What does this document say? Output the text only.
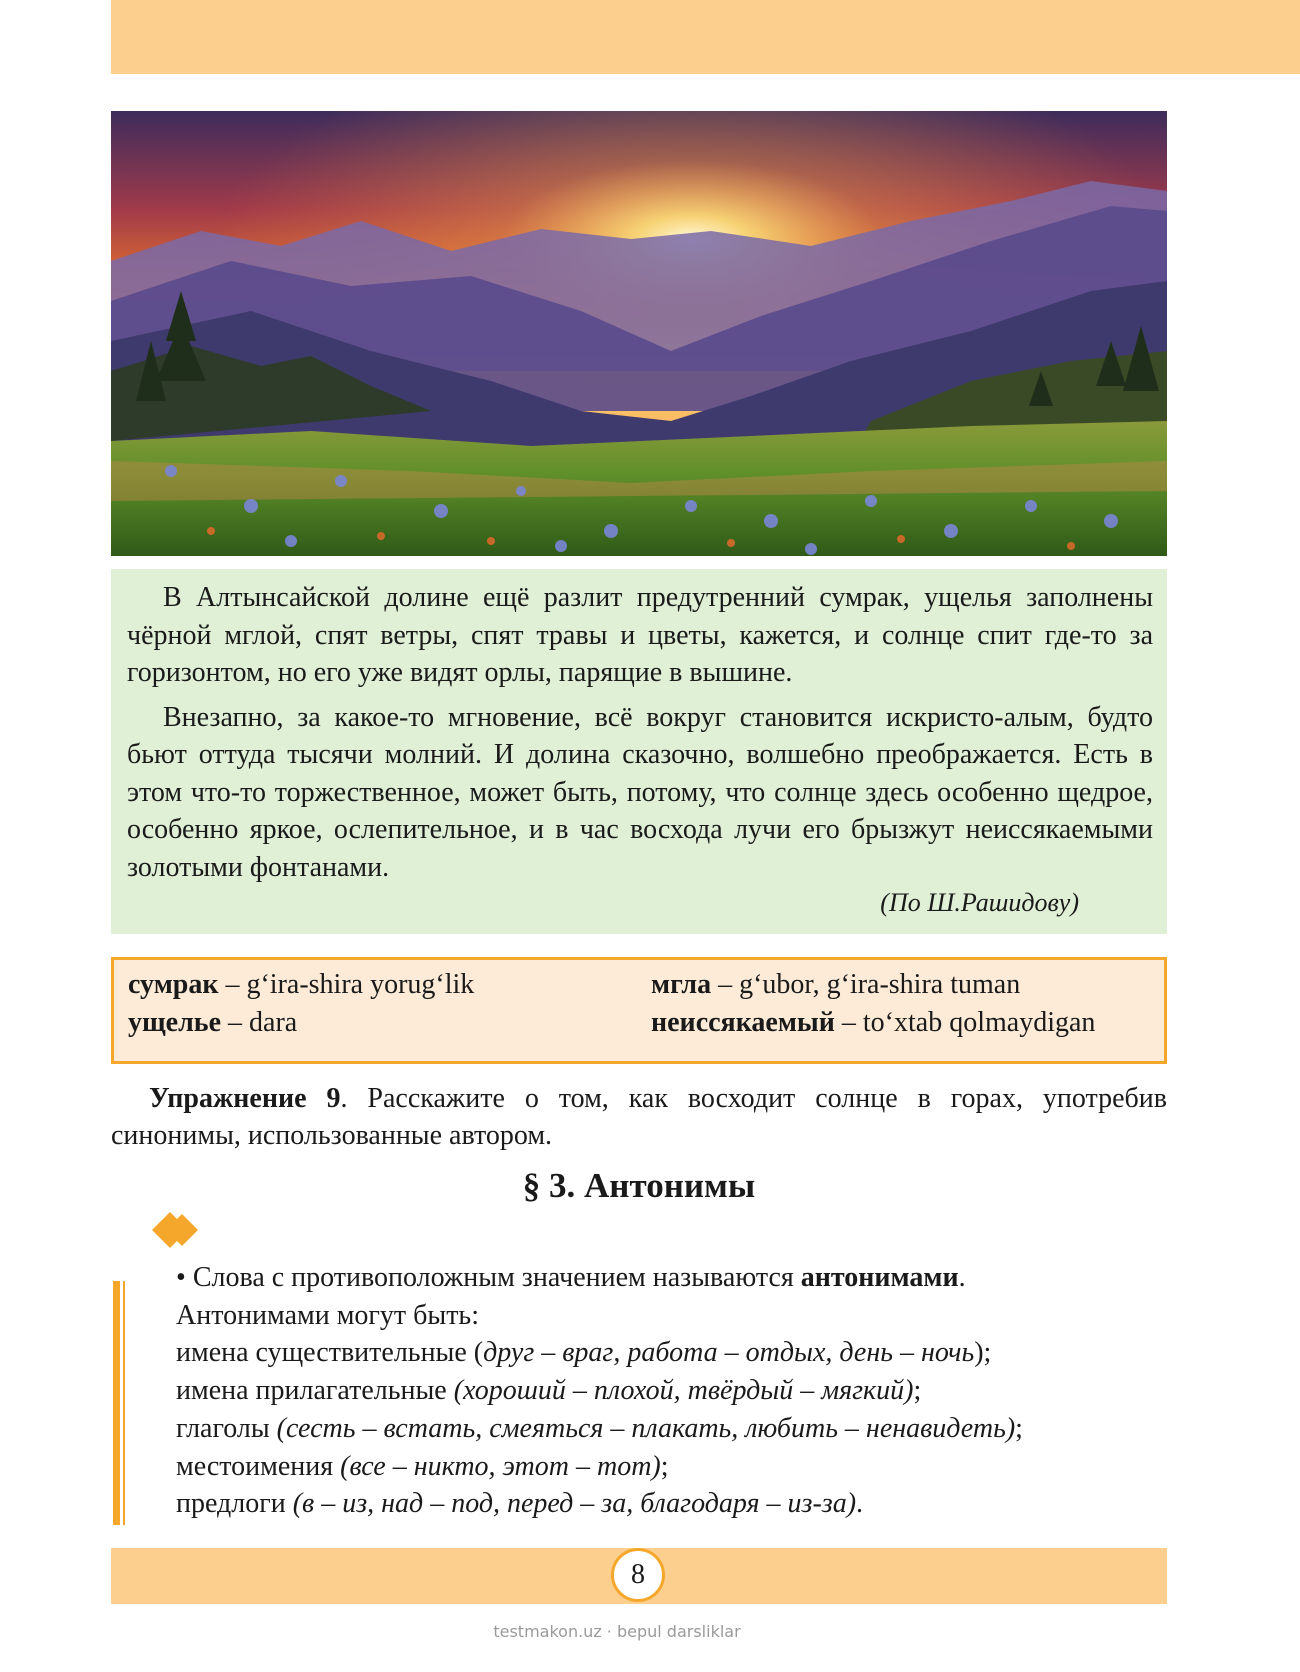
В Алтынсайской долине ещё разлит предутренний сумрак, ущелья заполнены чёрной мглой, спят ветры, спят травы и цветы, кажется, и солнце спит где-то за горизонтом, но его уже видят орлы, парящие в вышине.

Внезапно, за какое-то мгновение, всё вокруг становится искристо-алым, будто бьют оттуда тысячи молний. И долина сказочно, волшебно преображается. Есть в этом что-то торжественное, может быть, потому, что солнце здесь особенно щедрое, особенно яркое, ослепительное, и в час восхода лучи его брызжут неиссякаемыми золотыми фонтанами.

(По Ш.Рашидову)
сумрак – g‘ira-shira yorug‘lik	мгла – g‘ubor, g‘ira-shira tuman
ущелье – dara	неиссякаемый – to‘xtab qolmaydigan
Упражнение 9. Расскажите о том, как восходит солнце в горах, употребив синонимы, использованные автором.
§ 3. Антонимы
• Слова с противоположным значением называются антонимами.
Антонимами могут быть:
имена существительные (друг – враг, работа – отдых, день – ночь);
имена прилагательные (хороший – плохой, твёрдый – мягкий);
глаголы (сесть – встать, смеяться – плакать, любить – ненавидеть);
местоимения (все – никто, этот – тот);
предлоги (в – из, над – под, перед – за, благодаря – из-за).
8
testmakon.uz · bepul darsliklar
